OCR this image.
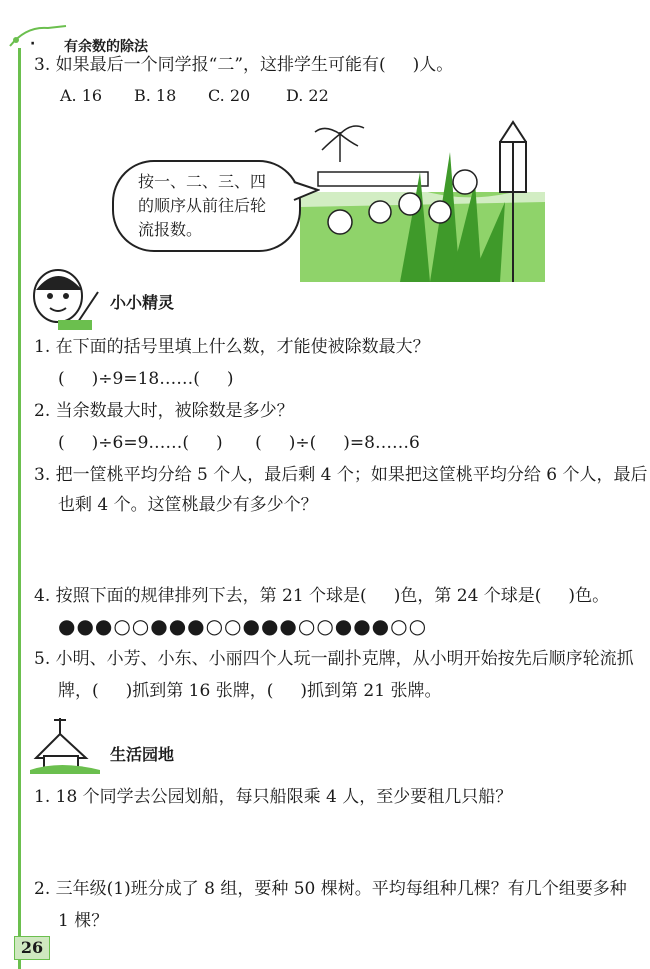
· 有余数的除法
3. 如果最后一个同学报“二”，这排学生可能有(     )人。
A. 16 B. 18 C. 20 D. 22
按一、二、三、四
的顺序从前往后轮
流报数。
小小精灵
1. 在下面的括号里填上什么数，才能使被除数最大？
(     )÷9=18……(     )
2. 当余数最大时，被除数是多少？
(     )÷6=9……(     )      (     )÷(     )=8……6
3. 把一筐桃平均分给 5 个人，最后剩 4 个；如果把这筐桃平均分给 6 个人，最后
也剩 4 个。这筐桃最少有多少个？
4. 按照下面的规律排列下去，第 21 个球是(     )色，第 24 个球是(     )色。
●●●○○●●●○○●●●○○●●●○○
5. 小明、小芳、小东、小丽四个人玩一副扑克牌，从小明开始按先后顺序轮流抓
牌，(     )抓到第 16 张牌，(     )抓到第 21 张牌。
生活园地
1. 18 个同学去公园划船，每只船限乘 4 人，至少要租几只船？
2. 三年级(1)班分成了 8 组，要种 50 棵树。平均每组种几棵？有几个组要多种
1 棵？
26
